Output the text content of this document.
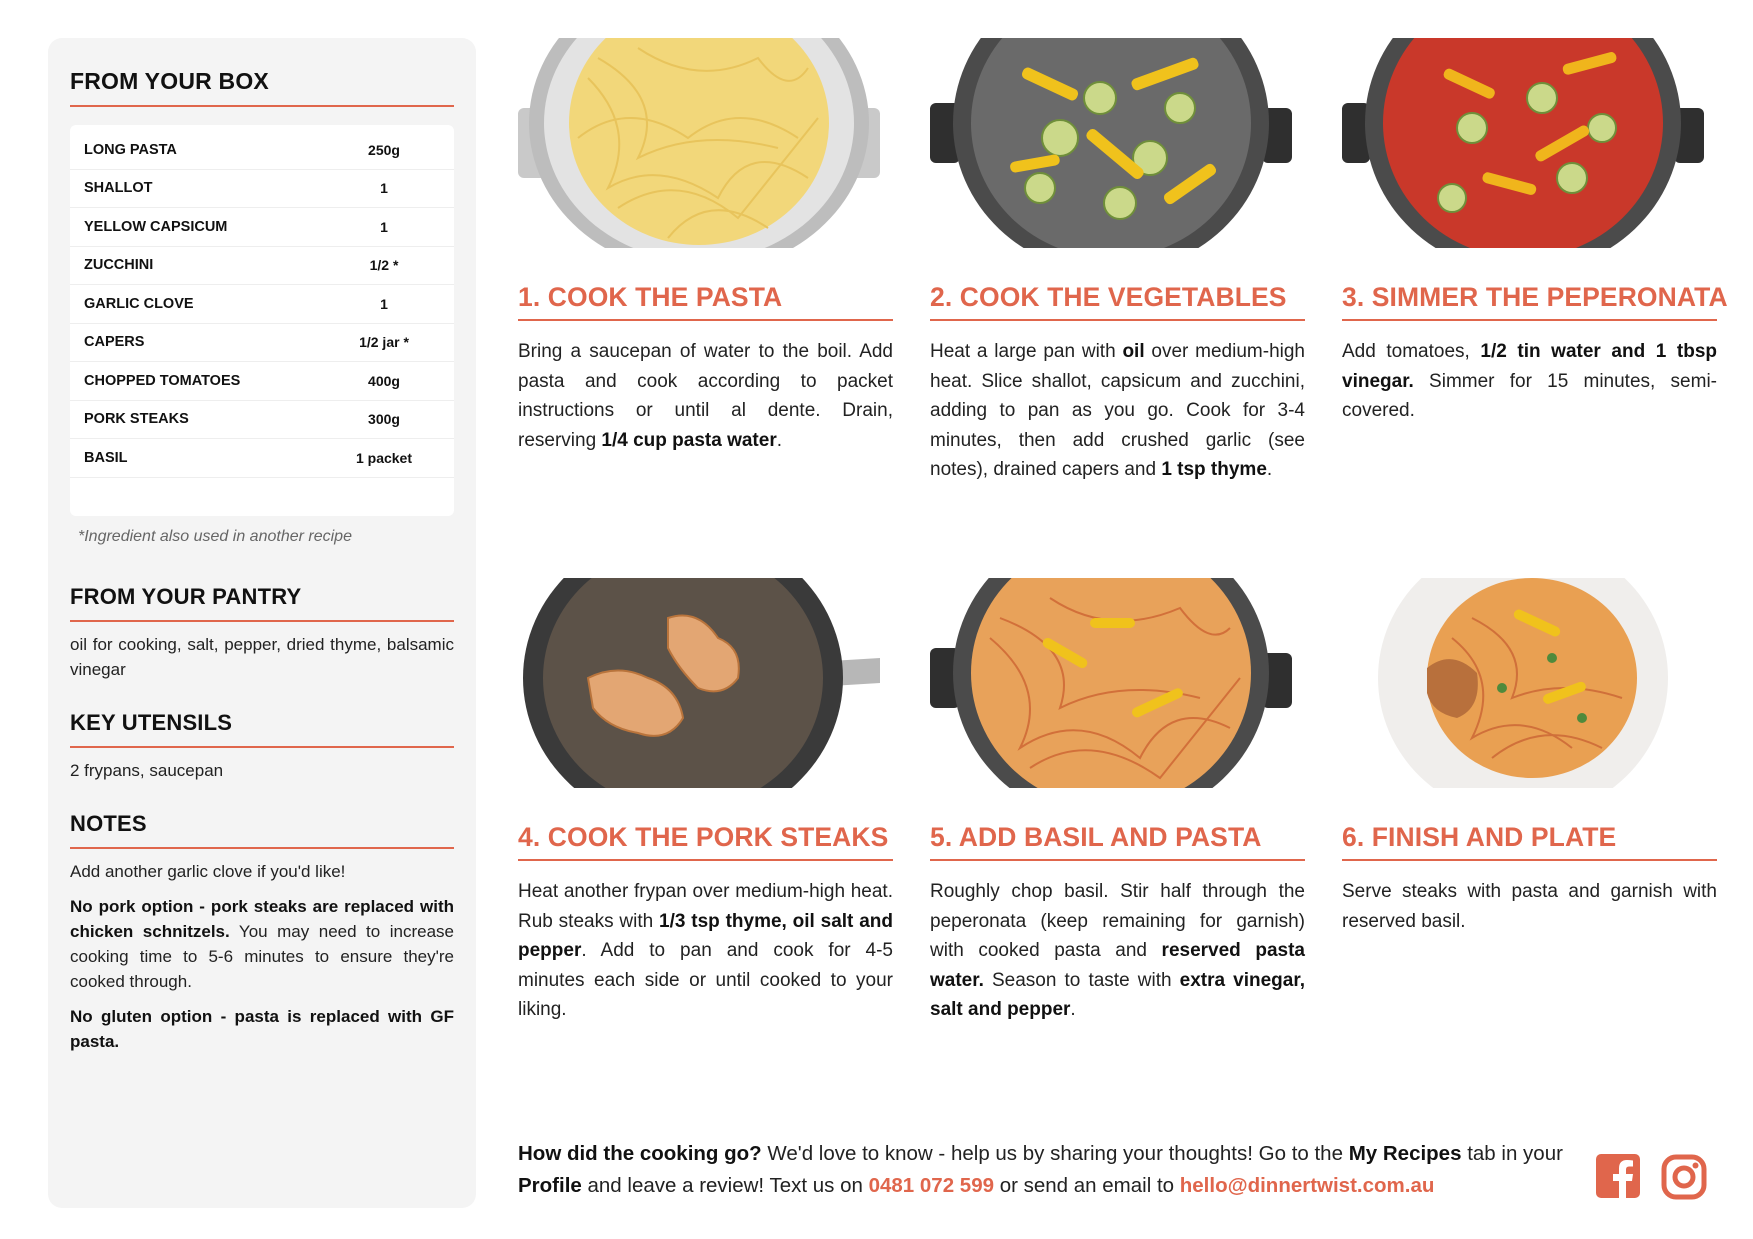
FROM YOUR BOX
LONG PASTA	250g
SHALLOT	1
YELLOW CAPSICUM	1
ZUCCHINI	1/2 *
GARLIC CLOVE	1
CAPERS	1/2 jar *
CHOPPED TOMATOES	400g
PORK STEAKS	300g
BASIL	1 packet
*Ingredient also used in another recipe
FROM YOUR PANTRY
oil for cooking, salt, pepper, dried thyme, balsamic vinegar
KEY UTENSILS
2 frypans, saucepan
NOTES

Add another garlic clove if you'd like!

No pork option - pork steaks are replaced with chicken schnitzels. You may need to increase cooking time to 5-6 minutes to ensure they're cooked through.

No gluten option - pasta is replaced with GF pasta.

1. COOK THE PASTA
Bring a saucepan of water to the boil. Add pasta and cook according to packet instructions or until al dente. Drain, reserving 1/4 cup pasta water.
2. COOK THE VEGETABLES
Heat a large pan with oil over medium-high heat. Slice shallot, capsicum and zucchini, adding to pan as you go. Cook for 3-4 minutes, then add crushed garlic (see notes), drained capers and 1 tsp thyme.
3. SIMMER THE PEPERONATA
Add tomatoes, 1/2 tin water and 1 tbsp vinegar. Simmer for 15 minutes, semi-covered.
4. COOK THE PORK STEAKS
Heat another frypan over medium-high heat. Rub steaks with 1/3 tsp thyme, oil salt and pepper. Add to pan and cook for 4-5 minutes each side or until cooked to your liking.
5. ADD BASIL AND PASTA
Roughly chop basil. Stir half through the peperonata (keep remaining for garnish) with cooked pasta and reserved pasta water. Season to taste with extra vinegar, salt and pepper.
6. FINISH AND PLATE
Serve steaks with pasta and garnish with reserved basil.
How did the cooking go? We'd love to know - help us by sharing your thoughts! Go to the My Recipes tab in your Profile and leave a review! Text us on 0481 072 599 or send an email to hello@dinnertwist.com.au
